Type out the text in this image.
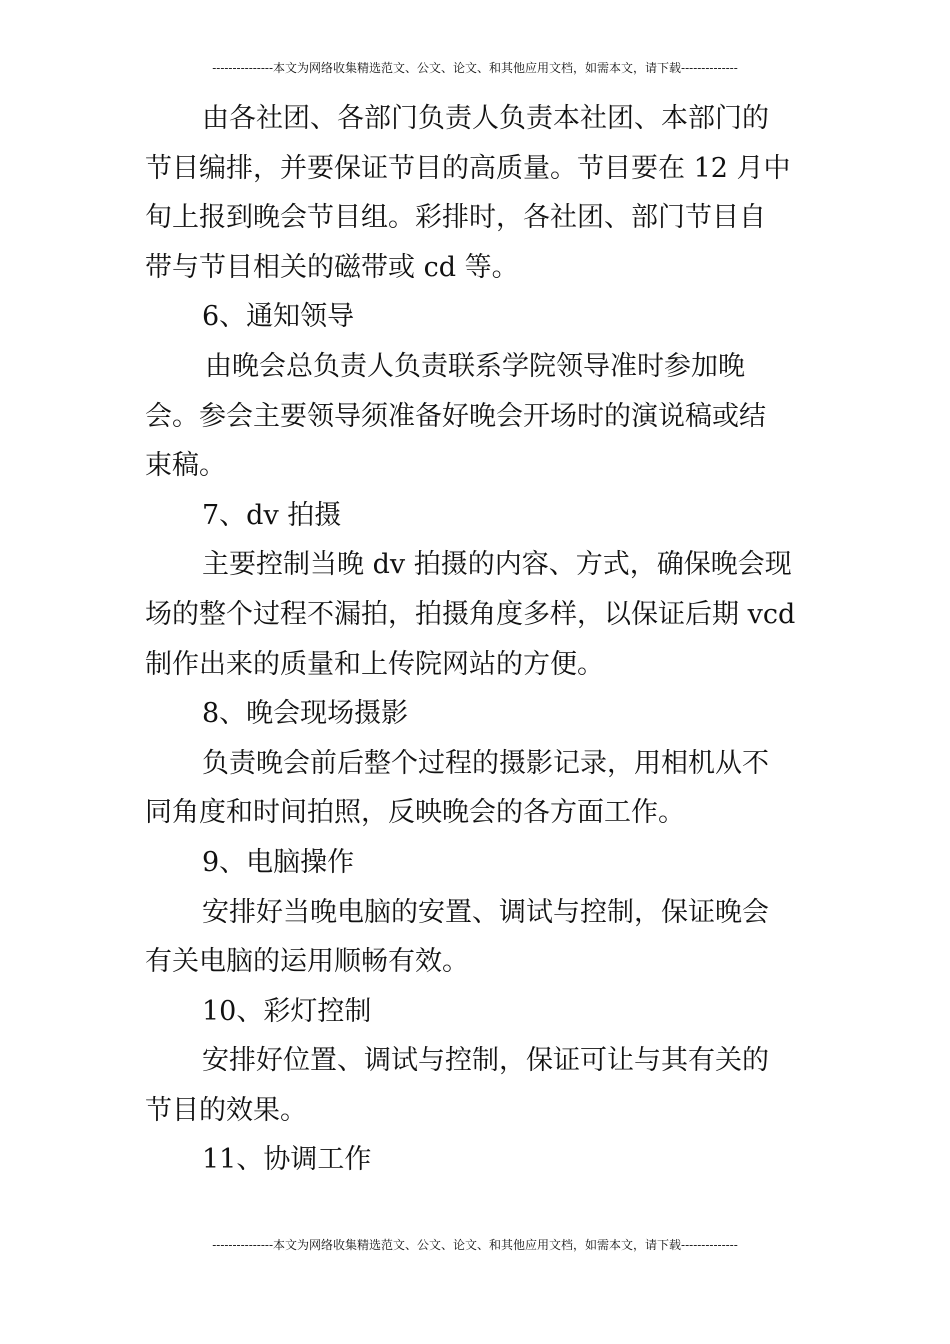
---------------本文为网络收集精选范文、公文、论文、和其他应用文档，如需本文，请下载--------------
由各社团、各部门负责人负责本社团、本部门的
节目编排，并要保证节目的高质量。节目要在 12 月中
旬上报到晚会节目组。彩排时，各社团、部门节目自
带与节目相关的磁带或 cd 等。
6、通知领导
由晚会总负责人负责联系学院领导准时参加晚
会。参会主要领导须准备好晚会开场时的演说稿或结
束稿。
7、dv 拍摄
主要控制当晚 dv 拍摄的内容、方式，确保晚会现
场的整个过程不漏拍，拍摄角度多样，以保证后期 vcd
制作出来的质量和上传院网站的方便。
8、晚会现场摄影
负责晚会前后整个过程的摄影记录，用相机从不
同角度和时间拍照，反映晚会的各方面工作。
9、电脑操作
安排好当晚电脑的安置、调试与控制，保证晚会
有关电脑的运用顺畅有效。
10、彩灯控制
安排好位置、调试与控制，保证可让与其有关的
节目的效果。
11、协调工作
---------------本文为网络收集精选范文、公文、论文、和其他应用文档，如需本文，请下载--------------
